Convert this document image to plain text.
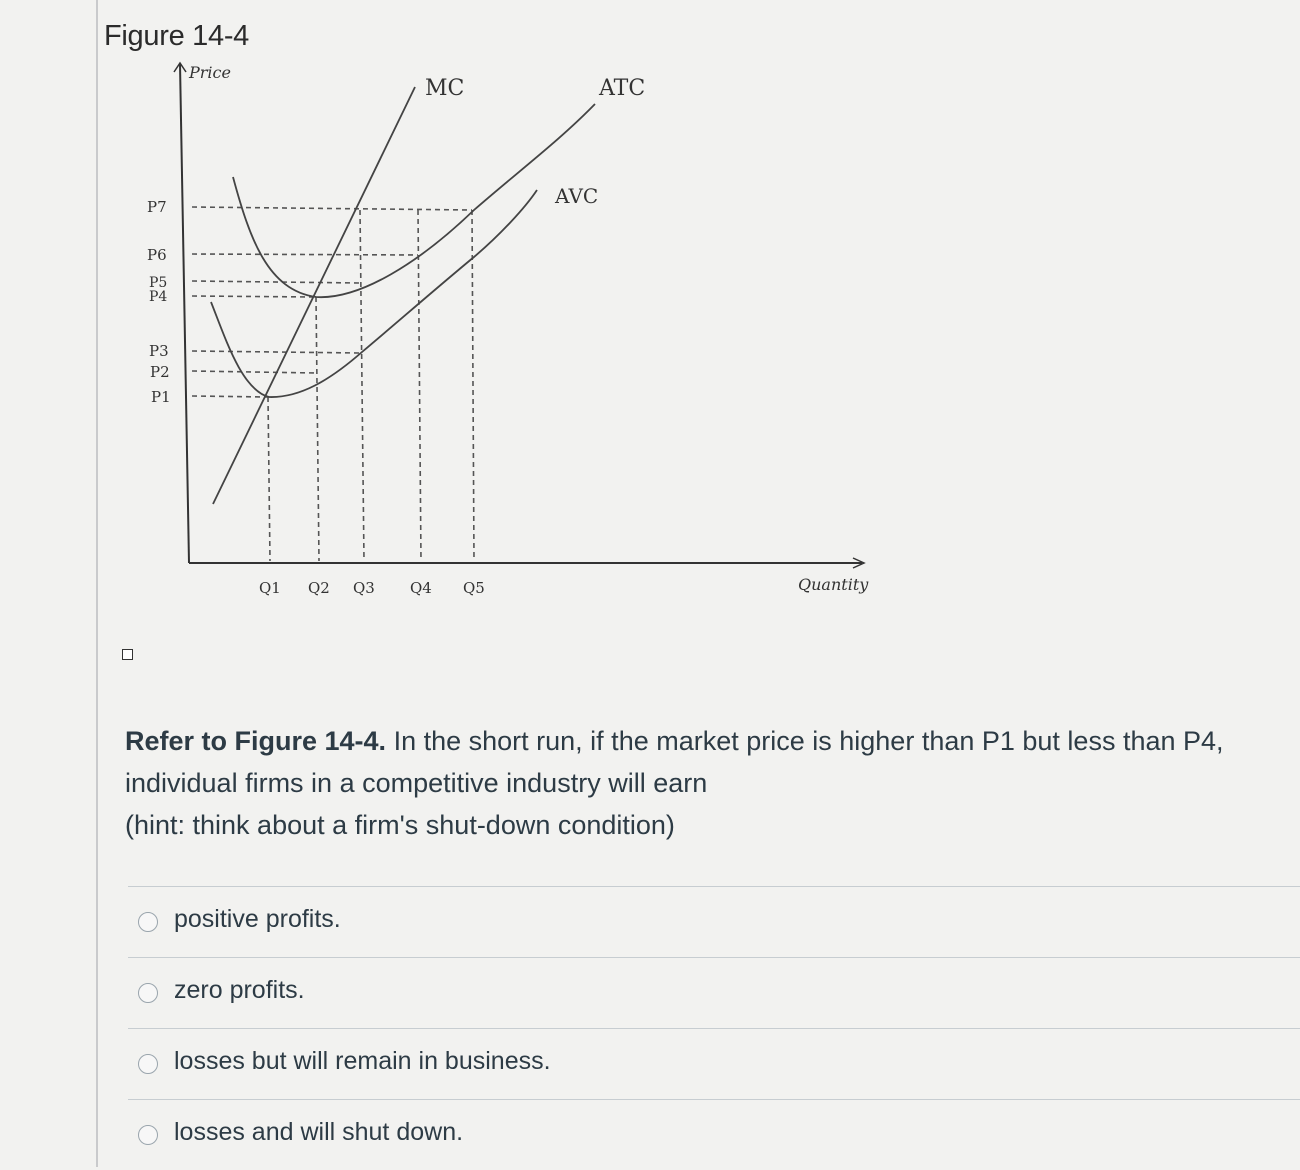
Figure 14-4
MC	ATC
AVC
Price
Quantity
P7
P6
P5
P4
P3
P2
P1
Q1 Q2 Q3 Q4 Q5
Refer to Figure 14-4. In the short run, if the market price is higher than P1 but less than P4, individual firms in a competitive industry will earn
(hint: think about a firm's shut-down condition)
positive profits.
zero profits.
losses but will remain in business.
losses and will shut down.
